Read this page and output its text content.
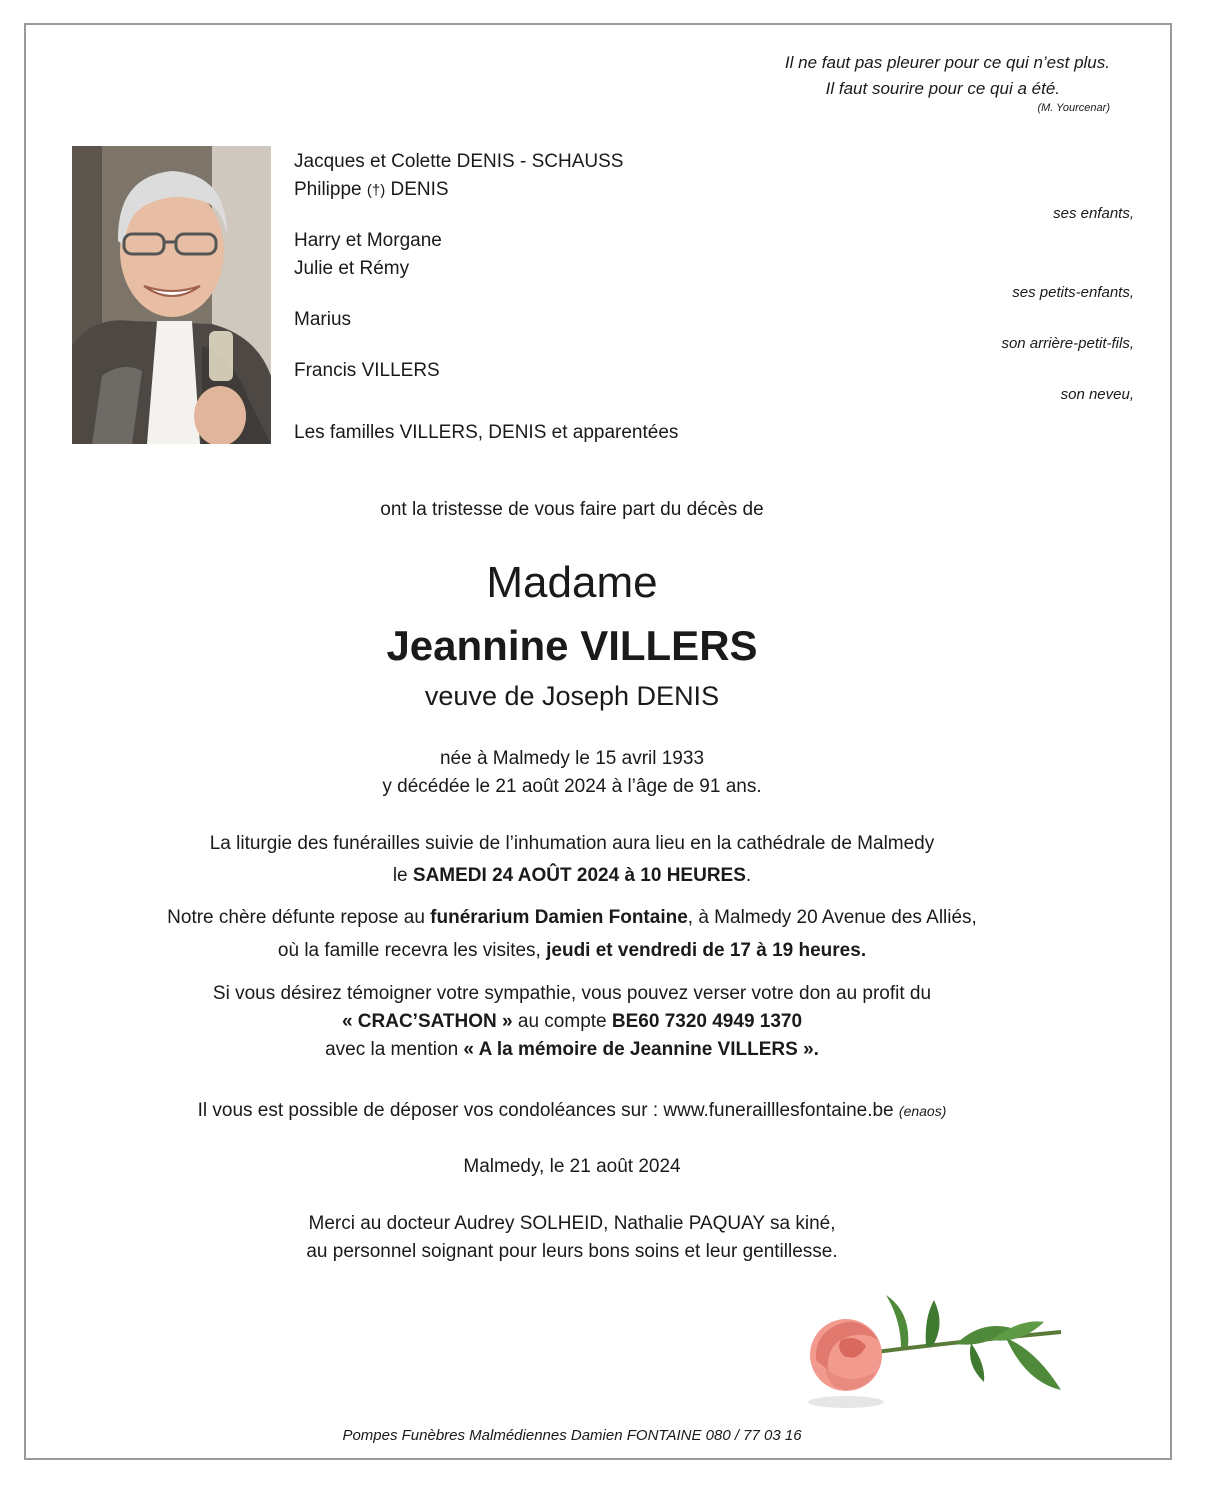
Il ne faut pas pleurer pour ce qui n’est plus.
Il faut sourire pour ce qui a été.
(M. Yourcenar)
Jacques et Colette DENIS - SCHAUSS
Philippe (†) DENIS
Harry et Morgane
Julie et Rémy
Marius
Francis VILLERS
Les familles VILLERS, DENIS et apparentées
ses enfants,
ses petits-enfants,
son arrière-petit-fils,
son neveu,
ont la tristesse de vous faire part du décès de
Madame
Jeannine VILLERS
veuve de Joseph DENIS
née à Malmedy le 15 avril 1933
y décédée le 21 août 2024 à l’âge de 91 ans.
La liturgie des funérailles suivie de l’inhumation aura lieu en la cathédrale de Malmedy
le SAMEDI 24 AOÛT 2024 à 10 HEURES.
Notre chère défunte repose au funérarium Damien Fontaine, à Malmedy 20 Avenue des Alliés,
où la famille recevra les visites, jeudi et vendredi de 17 à 19 heures.
Si vous désirez témoigner votre sympathie, vous pouvez verser votre don au profit du
« CRAC’SATHON » au compte BE60 7320 4949 1370
avec la mention « A la mémoire de Jeannine VILLERS ».
Il vous est possible de déposer vos condoléances sur : www.funerailllesfontaine.be (enaos)
Malmedy, le 21 août 2024
Merci au docteur Audrey SOLHEID, Nathalie PAQUAY sa kiné,
au personnel soignant pour leurs bons soins et leur gentillesse.
Pompes Funèbres Malmédiennes Damien FONTAINE 080 / 77 03 16
